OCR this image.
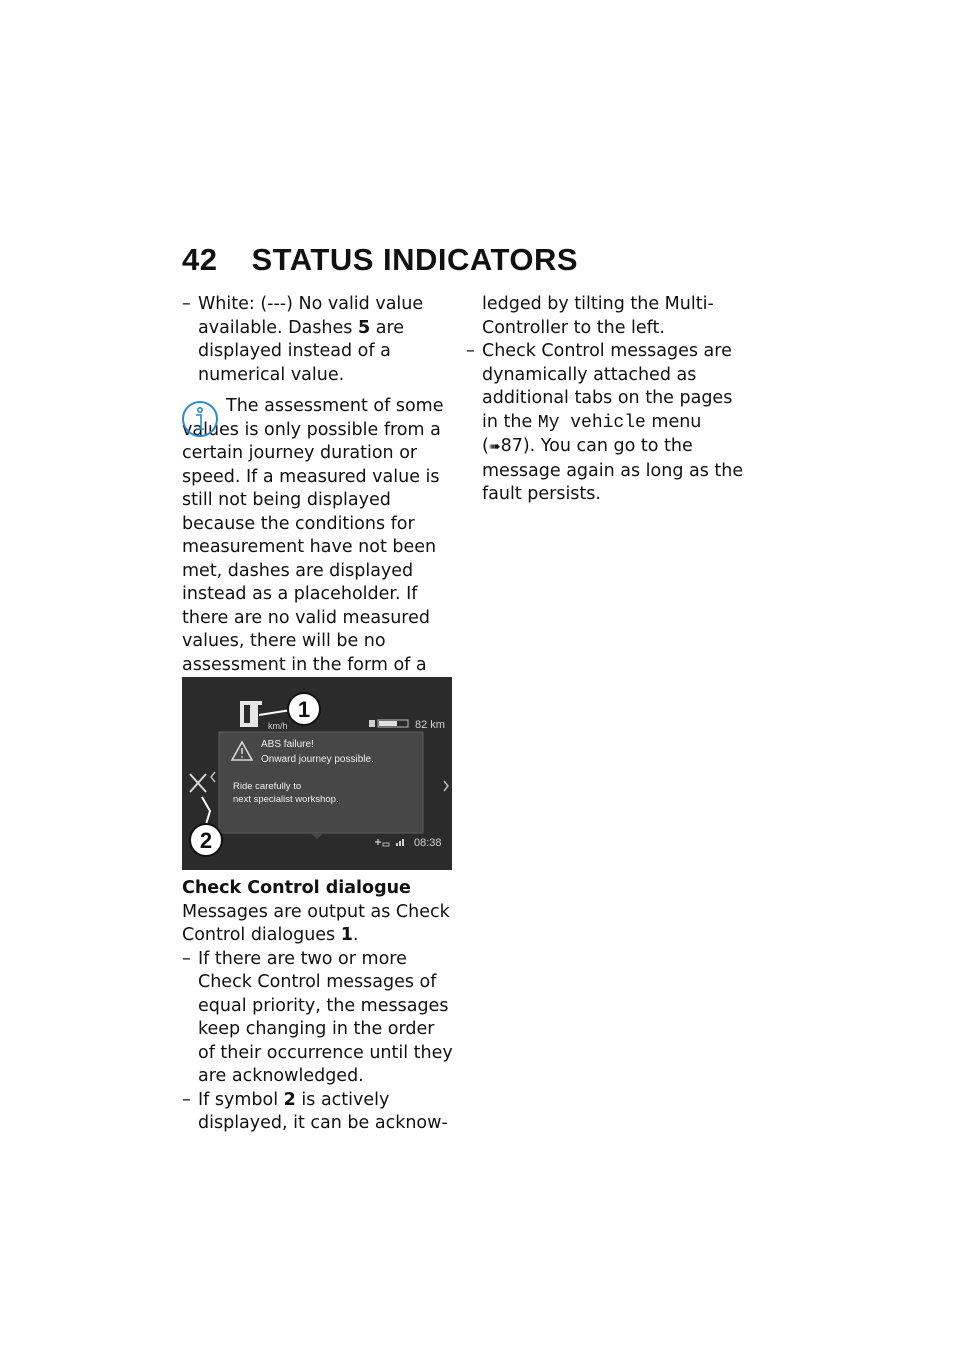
42 STATUS INDICATORS
– White: (---) No valid value available. Dashes 5 are displayed instead of a numerical value.

The assessment of some values is only possible from a certain journey duration or speed. If a measured value is still not being displayed because the conditions for measurement have not been met, dashes are displayed instead as a placeholder. If there are no valid measured values, there will be no assessment in the form of a

km/h	82 km
ABS failure!
Onward journey possible.
Ride carefully to
next specialist workshop.
08:38
1
2

Check Control dialogue

Messages are output as Check Control dialogues 1.

– If there are two or more Check Control messages of equal priority, the messages keep changing in the order of their occurrence until they are acknowledged.
– If symbol 2 is actively displayed, it can be acknow-
ledged by tilting the Multi-Controller to the left.
– Check Control messages are dynamically attached as additional tabs on the pages in the My vehicle menu (➠87). You can go to the message again as long as the fault persists.
